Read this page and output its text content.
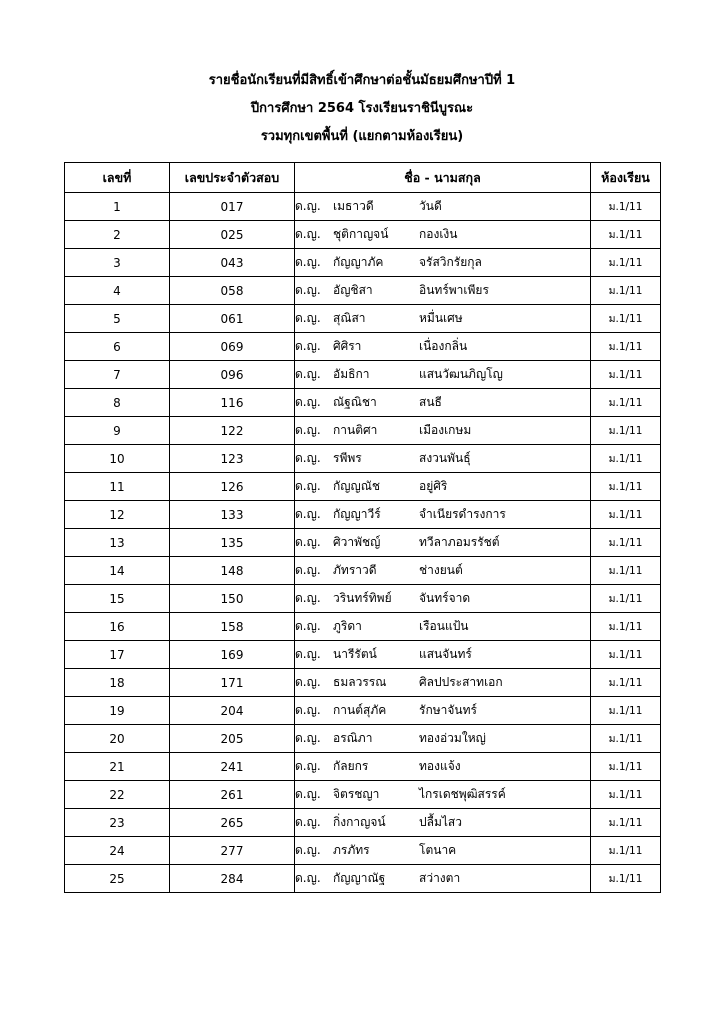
รายชื่อนักเรียนที่มีสิทธิ์เข้าศึกษาต่อชั้นมัธยมศึกษาปีที่ 1
ปีการศึกษา 2564 โรงเรียนราชินีบูรณะ
รวมทุกเขตพื้นที่ (แยกตามห้องเรียน)
เลขที่	เลขประจำตัวสอบ	ชื่อ - นามสกุล	ห้องเรียน
1	017	ด.ญ. เมธาวดี วันดี	ม.1/11
2	025	ด.ญ. ชุติกาญจน์ กองเงิน	ม.1/11
3	043	ด.ญ. กัญญาภัค จรัสวิกรัยกุล	ม.1/11
4	058	ด.ญ. อัญชิสา อินทร์พาเพียร	ม.1/11
5	061	ด.ญ. สุณิสา หมื่นเศษ	ม.1/11
6	069	ด.ญ. ศิศิรา เนื่องกลิ่น	ม.1/11
7	096	ด.ญ. อัมธิกา แสนวัฒนภิญโญ	ม.1/11
8	116	ด.ญ. ณัฐณิชา สนธี	ม.1/11
9	122	ด.ญ. กานติศา เมืองเกษม	ม.1/11
10	123	ด.ญ. รพีพร สงวนพันธุ์	ม.1/11
11	126	ด.ญ. กัญญณัช อยู่ศิริ	ม.1/11
12	133	ด.ญ. กัญญาวีร์ จำเนียรดำรงการ	ม.1/11
13	135	ด.ญ. ศิวาพัชญ์ ทวีลาภอมรรัชต์	ม.1/11
14	148	ด.ญ. ภัทราวดี ช่างยนต์	ม.1/11
15	150	ด.ญ. วรินทร์ทิพย์ จันทร์จาด	ม.1/11
16	158	ด.ญ. ภูริดา เรือนแป้น	ม.1/11
17	169	ด.ญ. นารีรัตน์ แสนจันทร์	ม.1/11
18	171	ด.ญ. ธมลวรรณ ศิลปประสาทเอก	ม.1/11
19	204	ด.ญ. กานต์สุภัค รักษาจันทร์	ม.1/11
20	205	ด.ญ. อรณิภา ทองอ่วมใหญ่	ม.1/11
21	241	ด.ญ. กัลยกร ทองแจ้ง	ม.1/11
22	261	ด.ญ. จิตรชญา ไกรเดชพุฒิสรรค์	ม.1/11
23	265	ด.ญ. กิ่งกาญจน์ ปลื้มไสว	ม.1/11
24	277	ด.ญ. ภรภัทร โตนาค	ม.1/11
25	284	ด.ญ. กัญญาณัฐ สว่างตา	ม.1/11
